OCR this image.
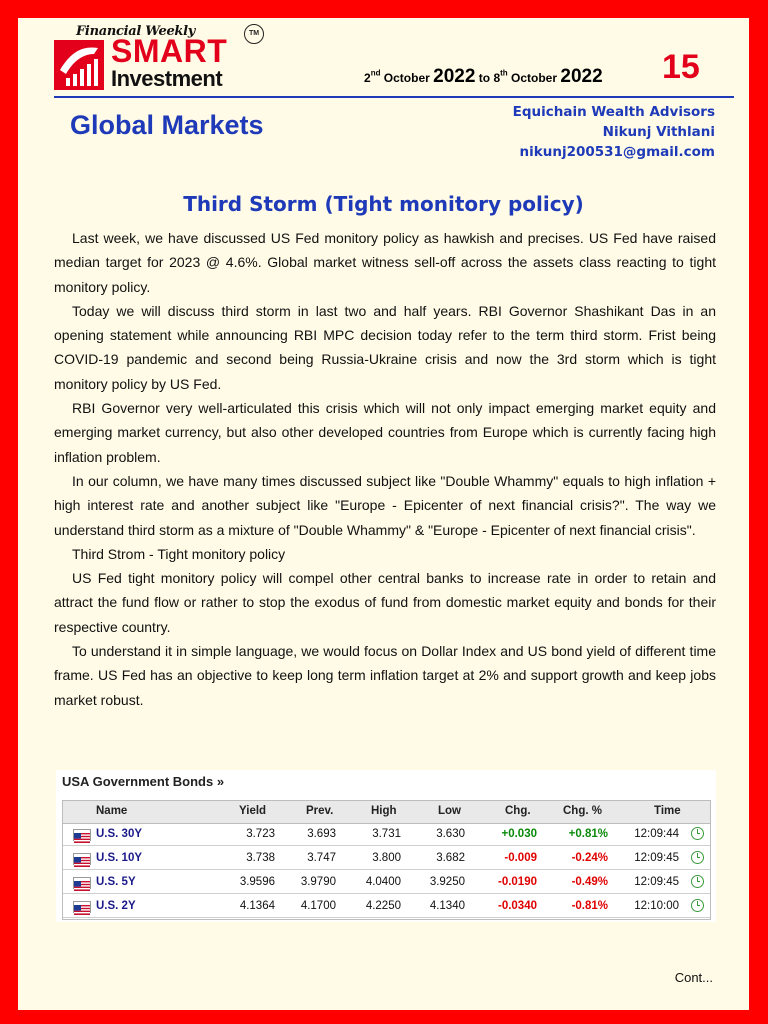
Financial Weekly	TM
SMART
Investment	2nd October 2022 to 8th October 2022 15
Global Markets	Equichain Wealth Advisors
Nikunj Vithlani
nikunj200531@gmail.com
Third Storm (Tight monitory policy)

Last week, we have discussed US Fed monitory policy as hawkish and precises. US Fed have raised median target for 2023 @ 4.6%. Global market witness sell-off across the assets class reacting to tight monitory policy.

Today we will discuss third storm in last two and half years. RBI Governor Shashikant Das in an opening statement while announcing RBI MPC decision today refer to the term third storm. Frist being COVID-19 pandemic and second being Russia-Ukraine crisis and now the 3rd storm which is tight monitory policy by US Fed.

RBI Governor very well-articulated this crisis which will not only impact emerging market equity and emerging market currency, but also other developed countries from Europe which is currently facing high inflation problem.

In our column, we have many times discussed subject like "Double Whammy" equals to high inflation + high interest rate and another subject like "Europe - Epicenter of next financial crisis?". The way we understand third storm as a mixture of "Double Whammy" & "Europe - Epicenter of next financial crisis".

Third Strom - Tight monitory policy

US Fed tight monitory policy will compel other central banks to increase rate in order to retain and attract the fund flow or rather to stop the exodus of fund from domestic market equity and bonds for their respective country.

To understand it in simple language, we would focus on Dollar Index and US bond yield of different time frame. US Fed has an objective to keep long term inflation target at 2% and support growth and keep jobs market robust.

USA Government Bonds »
Name	Yield	Prev.	High	Low	Chg.	Chg. %	Time
U.S. 30Y	3.723	3.693	3.731	3.630	+0.030	+0.81% 12:09:44
U.S. 10Y	3.738	3.747	3.800	3.682	-0.009	-0.24% 12:09:45
U.S. 5Y	3.9596 3.9790	4.0400	3.9250	-0.0190	-0.49% 12:09:45
U.S. 2Y	4.1364 4.1700	4.2250	4.1340	-0.0340	-0.81% 12:10:00
Cont...
